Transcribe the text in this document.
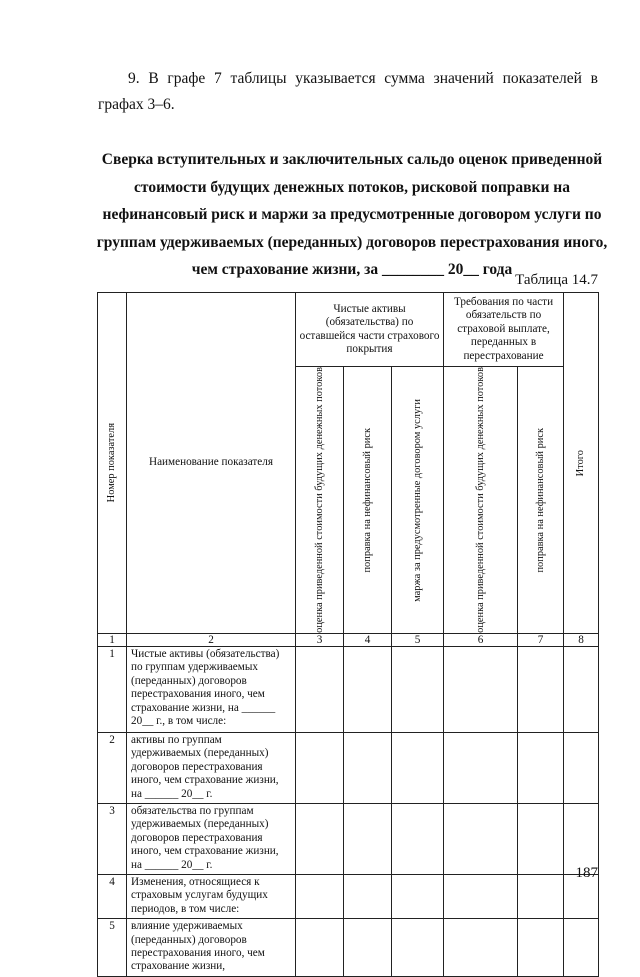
9. В графе 7 таблицы указывается сумма значений показателей в графах 3–6.

Сверка вступительных и заключительных сальдо оценок приведенной стоимости будущих денежных потоков, рисковой поправки на нефинансовый риск и маржи за предусмотренные договором услуги по группам удерживаемых (переданных) договоров перестрахования иного, чем страхование жизни, за ________ 20__ года

Таблица 14.7
Номер показателя	Наименование показателя	Чистые активы (обязательства) по оставшейся части страхового покрытия			Требования по части обязательств по страховой выплате, переданных в перестрахование		Итого

		оценка приведенной стоимости будущих денежных потоков	поправка на нефинансовый риск	маржа за предусмотренные договором услуги	оценка приведенной стоимости будущих денежных потоков	поправка на нефинансовый риск	

1	2	3	4	5	6	7	8
1	Чистые активы (обязательства) по группам удерживаемых (переданных) договоров перестрахования иного, чем страхование жизни, на ______ 20__ г., в том числе:						
2	активы по группам удерживаемых (переданных) договоров перестрахования иного, чем страхование жизни, на ______ 20__ г.						
3	обязательства по группам удерживаемых (переданных) договоров перестрахования иного, чем страхование жизни, на ______ 20__ г.						
4	Изменения, относящиеся к страховым услугам будущих периодов, в том числе:						
5	влияние удерживаемых (переданных) договоров перестрахования иного, чем страхование жизни,						
187
